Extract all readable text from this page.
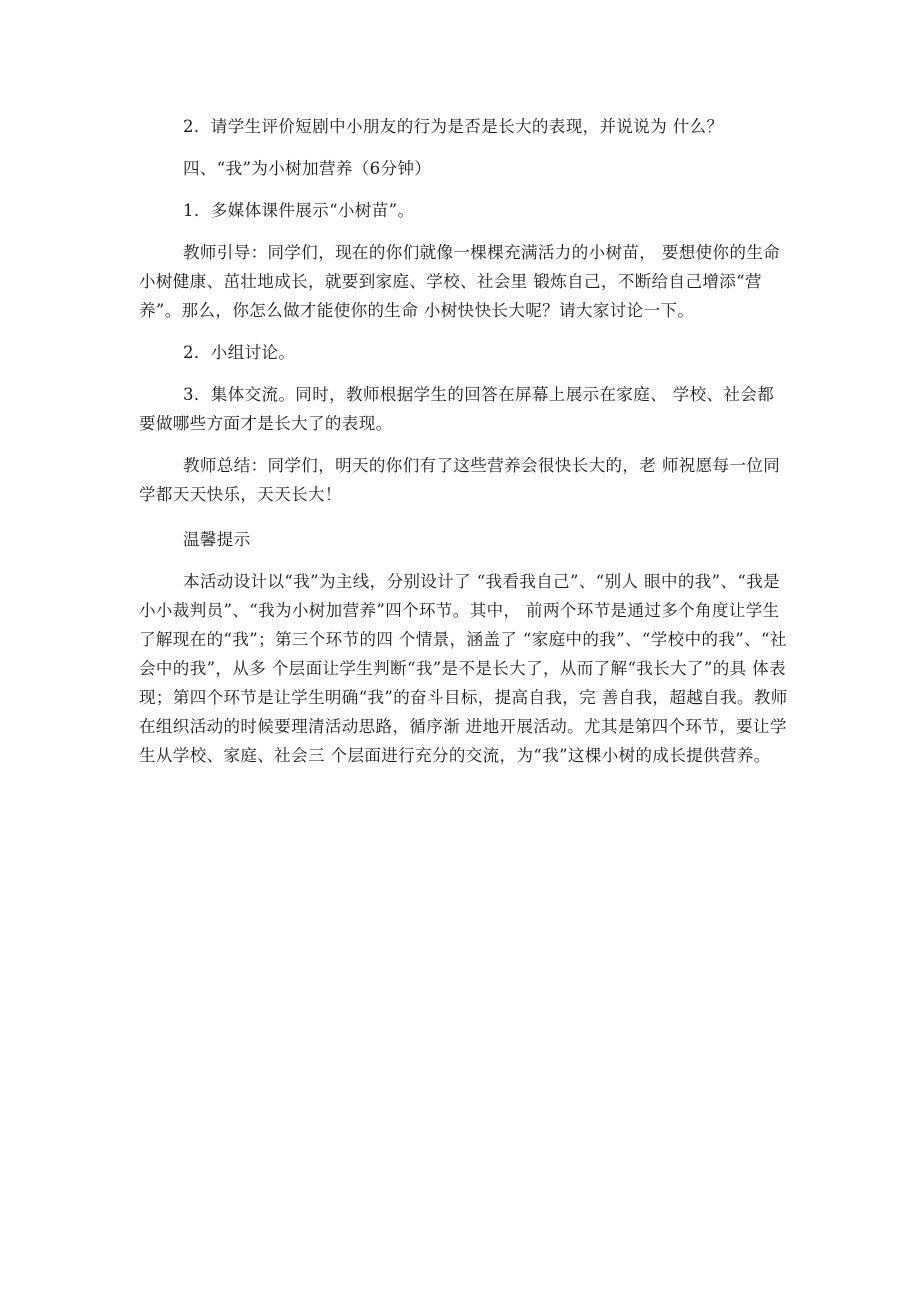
2．请学生评价短剧中小朋友的行为是否是长大的表现，并说说为 什么？

四、“我”为小树加营养（6分钟）

1．多媒体课件展示“小树苗”。

教师引导：同学们，现在的你们就像一棵棵充满活力的小树苗， 要想使你的生命小树健康、茁壮地成长，就要到家庭、学校、社会里 锻炼自己，不断给自己增添“营养”。那么，你怎么做才能使你的生命 小树快快长大呢？请大家讨论一下。

2．小组讨论。

3．集体交流。同时，教师根据学生的回答在屏幕上展示在家庭、 学校、社会都要做哪些方面才是长大了的表现。

教师总结：同学们，明天的你们有了这些营养会很快长大的，老 师祝愿每一位同学都天天快乐，天天长大！

温馨提示

本活动设计以“我”为主线，分别设计了 “我看我自己”、“别人 眼中的我”、“我是小小裁判员”、“我为小树加营养”四个环节。其中， 前两个环节是通过多个角度让学生了解现在的“我”；第三个环节的四 个情景，涵盖了 “家庭中的我”、“学校中的我”、“社会中的我”，从多 个层面让学生判断“我”是不是长大了，从而了解“我长大了”的具 体表现；第四个环节是让学生明确“我”的奋斗目标，提高自我，完 善自我，超越自我。教师在组织活动的时候要理清活动思路，循序渐 进地开展活动。尤其是第四个环节，要让学生从学校、家庭、社会三 个层面进行充分的交流，为“我”这棵小树的成长提供营养。
